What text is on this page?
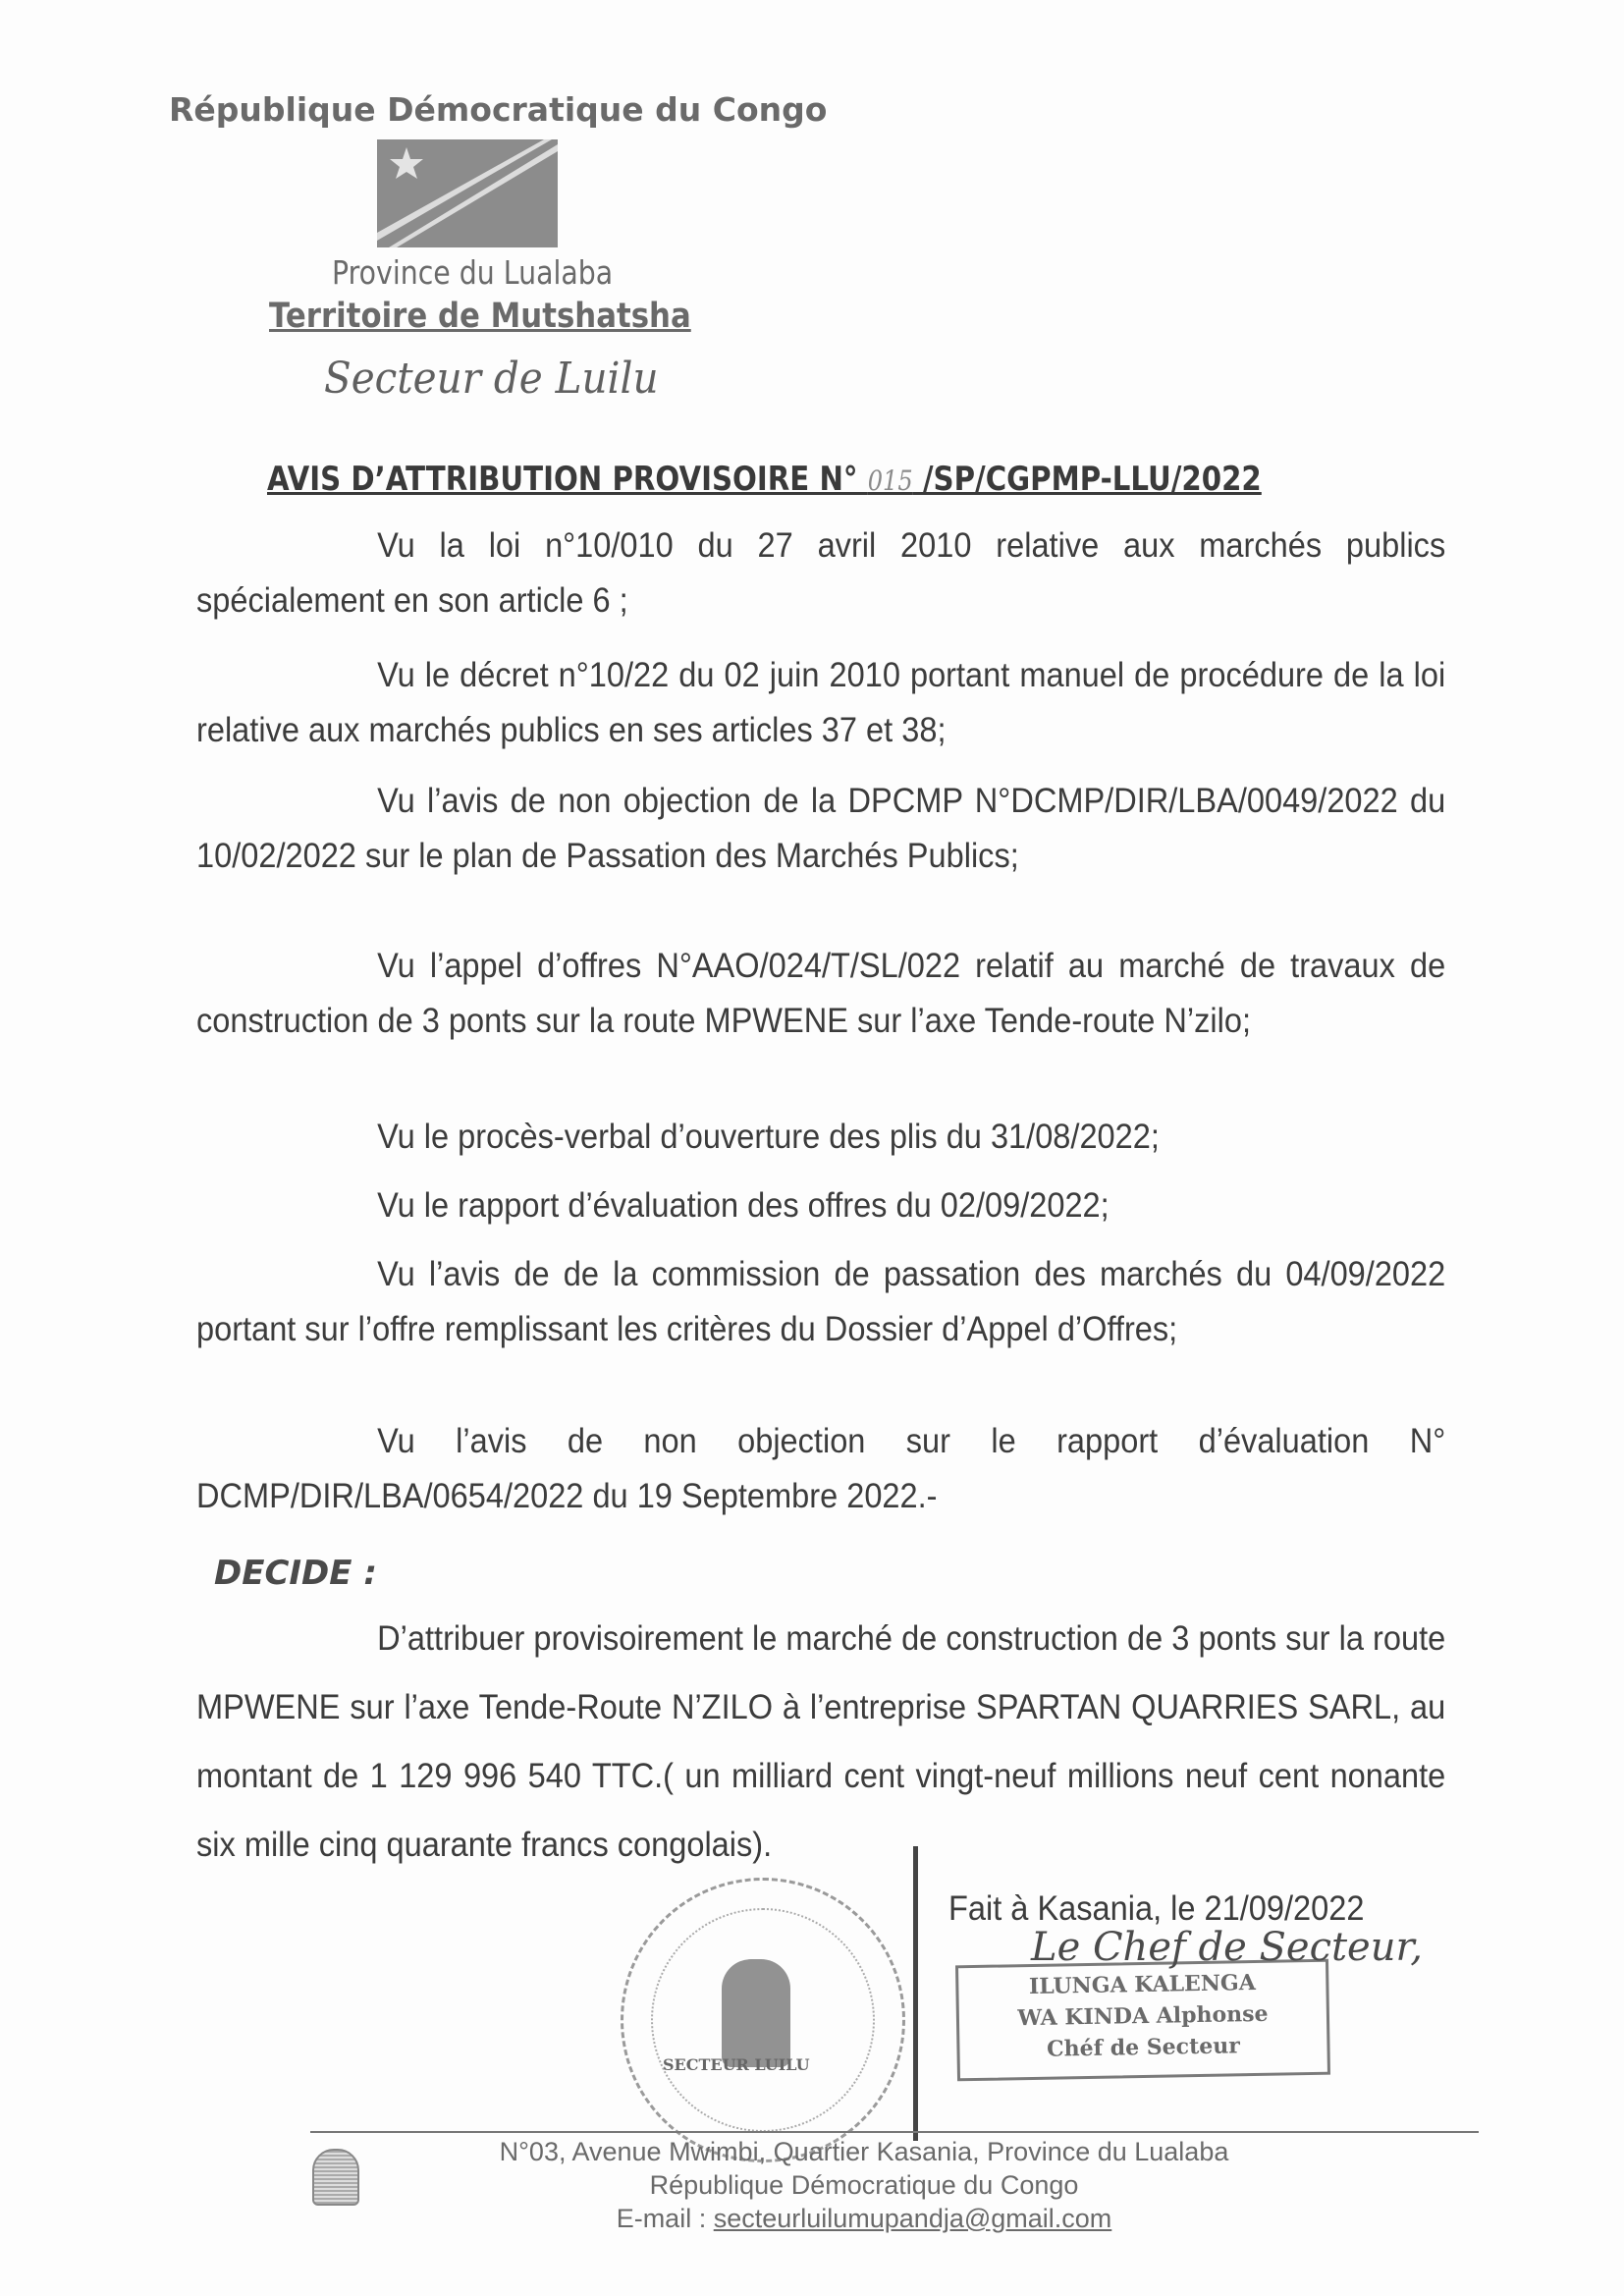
République Démocratique du Congo
Province du Lualaba
Territoire de Mutshatsha
Secteur de Luilu
AVIS D’ATTRIBUTION PROVISOIRE N° 015 /SP/CGPMP-LLU/2022
Vu la loi n°10/010 du 27 avril 2010 relative aux marchés publics spécialement en son article 6 ;
Vu le décret n°10/22 du 02 juin 2010 portant manuel de procédure de la loi relative aux marchés publics en ses articles 37 et 38;
Vu l’avis de non objection de la DPCMP N°DCMP/DIR/LBA/0049/2022 du 10/02/2022 sur le plan de Passation des Marchés Publics;
Vu l’appel d’offres N°AAO/024/T/SL/022 relatif au marché de travaux de construction de 3 ponts sur la route MPWENE sur l’axe Tende-route N’zilo;
Vu le procès-verbal d’ouverture des plis du 31/08/2022;
Vu le rapport d’évaluation des offres du 02/09/2022;
Vu l’avis de de la commission de passation des marchés du 04/09/2022 portant sur l’offre remplissant les critères du Dossier d’Appel d’Offres;
Vu l’avis de non objection sur le rapport d’évaluation N° DCMP/DIR/LBA/0654/2022 du 19 Septembre 2022.-
DECIDE :
D’attribuer provisoirement le marché de construction de 3 ponts sur la route MPWENE sur l’axe Tende-Route N’ZILO à l’entreprise SPARTAN QUARRIES SARL, au montant de 1 129 996 540 TTC.( un milliard cent vingt-neuf millions neuf cent nonante six mille cinq quarante francs congolais).
SECTEUR LUILU
Fait à Kasania, le 21/09/2022
ILUNGA KALENGA
WA KINDA Alphonse
Chéf de Secteur
Le Chef de Secteur,
N°03, Avenue Mwimbi, Quartier Kasania, Province du Lualaba
République Démocratique du Congo
E-mail : secteurluilumupandja@gmail.com
